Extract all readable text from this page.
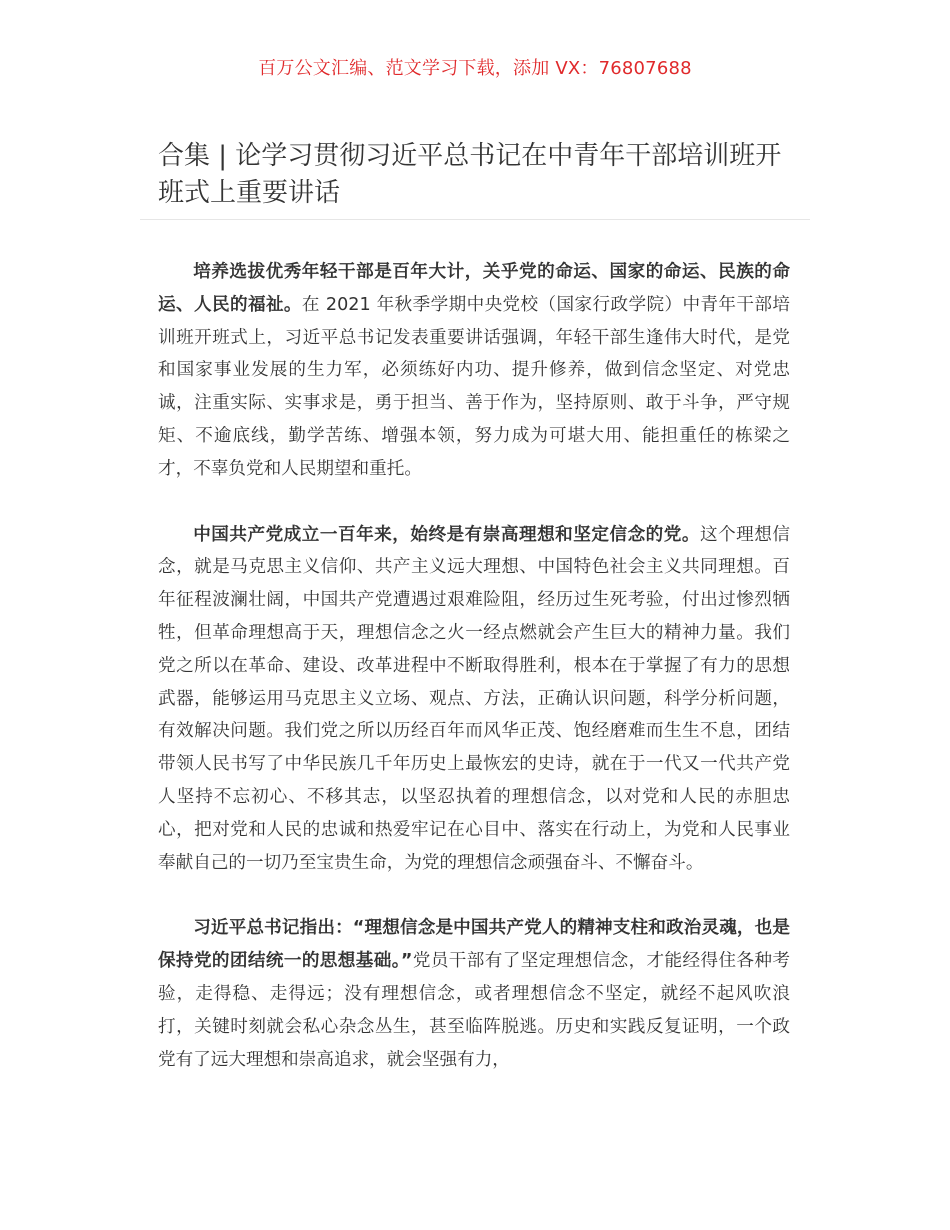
百万公文汇编、范文学习下载，添加 VX：76807688
合集 | 论学习贯彻习近平总书记在中青年干部培训班开班式上重要讲话

培养选拔优秀年轻干部是百年大计，关乎党的命运、国家的命运、民族的命运、人民的福祉。在 2021 年秋季学期中央党校（国家行政学院）中青年干部培训班开班式上，习近平总书记发表重要讲话强调，年轻干部生逢伟大时代，是党和国家事业发展的生力军，必须练好内功、提升修养，做到信念坚定、对党忠诚，注重实际、实事求是，勇于担当、善于作为，坚持原则、敢于斗争，严守规矩、不逾底线，勤学苦练、增强本领，努力成为可堪大用、能担重任的栋梁之才，不辜负党和人民期望和重托。

中国共产党成立一百年来，始终是有崇高理想和坚定信念的党。这个理想信念，就是马克思主义信仰、共产主义远大理想、中国特色社会主义共同理想。百年征程波澜壮阔，中国共产党遭遇过艰难险阻，经历过生死考验，付出过惨烈牺牲，但革命理想高于天，理想信念之火一经点燃就会产生巨大的精神力量。我们党之所以在革命、建设、改革进程中不断取得胜利，根本在于掌握了有力的思想武器，能够运用马克思主义立场、观点、方法，正确认识问题，科学分析问题，有效解决问题。我们党之所以历经百年而风华正茂、饱经磨难而生生不息，团结带领人民书写了中华民族几千年历史上最恢宏的史诗，就在于一代又一代共产党人坚持不忘初心、不移其志，以坚忍执着的理想信念，以对党和人民的赤胆忠心，把对党和人民的忠诚和热爱牢记在心目中、落实在行动上，为党和人民事业奉献自己的一切乃至宝贵生命，为党的理想信念顽强奋斗、不懈奋斗。

习近平总书记指出：“理想信念是中国共产党人的精神支柱和政治灵魂，也是保持党的团结统一的思想基础。”党员干部有了坚定理想信念，才能经得住各种考验，走得稳、走得远；没有理想信念，或者理想信念不坚定，就经不起风吹浪打，关键时刻就会私心杂念丛生，甚至临阵脱逃。历史和实践反复证明，一个政党有了远大理想和崇高追求，就会坚强有力，
